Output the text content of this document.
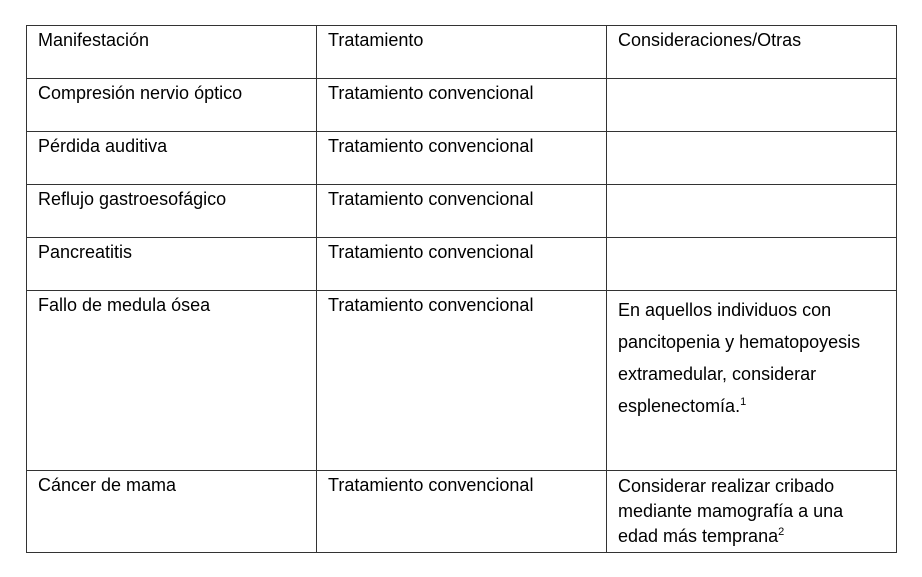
Manifestación	Tratamiento	Consideraciones/Otras
Compresión nervio óptico	Tratamiento convencional	
Pérdida auditiva	Tratamiento convencional	
Reflujo gastroesofágico	Tratamiento convencional	
Pancreatitis	Tratamiento convencional	
Fallo de medula ósea	Tratamiento convencional	En aquellos individuos con pancitopenia y hematopoyesis extramedular, considerar esplenectomía.$^1$
Cáncer de mama	Tratamiento convencional	Considerar realizar cribado mediante mamografía a una edad más temprana$^2$
